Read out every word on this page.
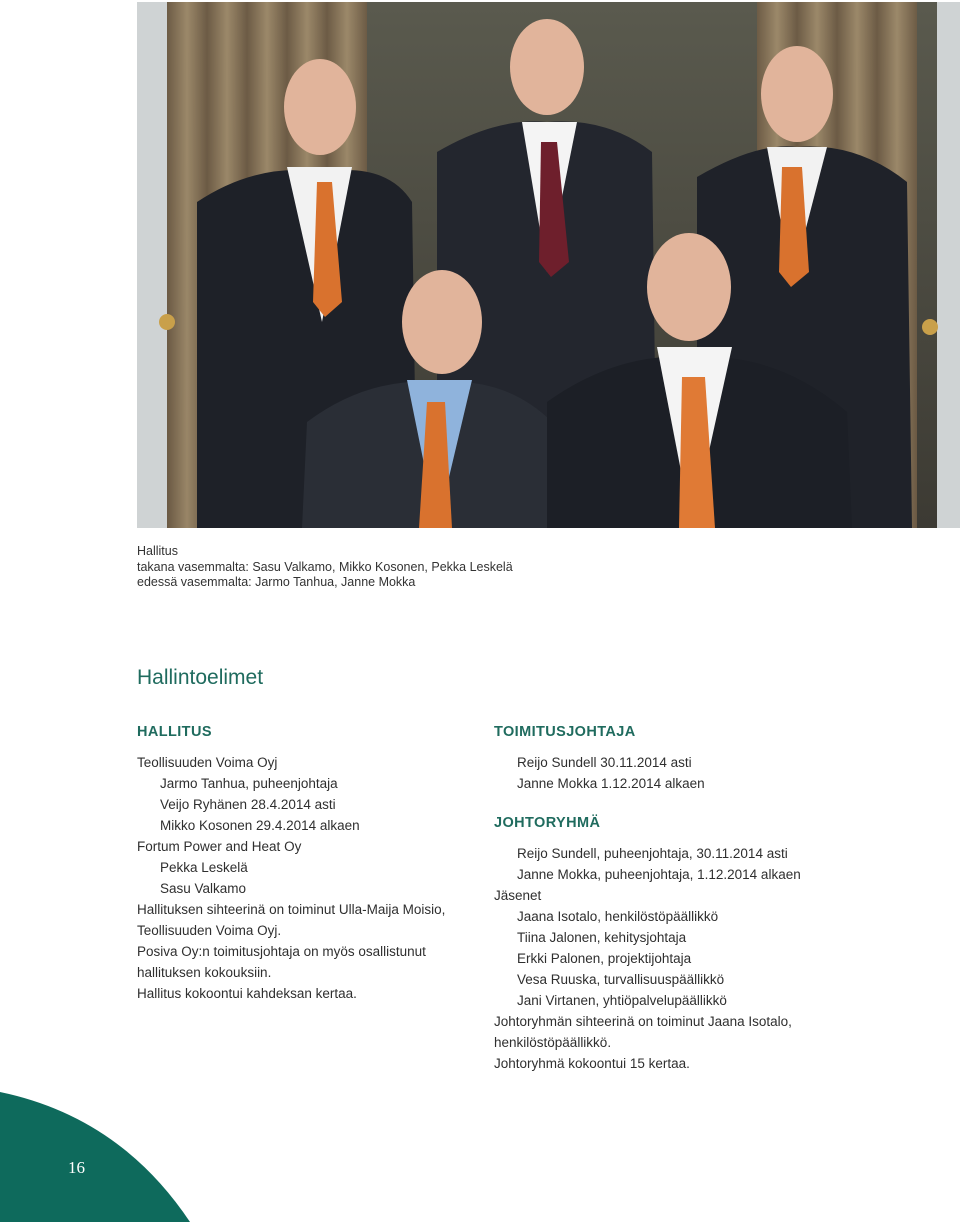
Hallitus
takana vasemmalta: Sasu Valkamo, Mikko Kosonen, Pekka Leskelä
edessä vasemmalta: Jarmo Tanhua, Janne Mokka
Hallintoelimet
HALLITUS
Teollisuuden Voima Oyj
Jarmo Tanhua, puheenjohtaja
Veijo Ryhänen 28.4.2014 asti
Mikko Kosonen 29.4.2014 alkaen
Fortum Power and Heat Oy
Pekka Leskelä
Sasu Valkamo
Hallituksen sihteerinä on toiminut Ulla-Maija Moisio,
Teollisuuden Voima Oyj.
Posiva Oy:n toimitusjohtaja on myös osallistunut
hallituksen kokouksiin.
Hallitus kokoontui kahdeksan kertaa.
TOIMITUSJOHTAJA
Reijo Sundell 30.11.2014 asti
Janne Mokka 1.12.2014 alkaen
JOHTORYHMÄ
Reijo Sundell, puheenjohtaja, 30.11.2014 asti
Janne Mokka, puheenjohtaja, 1.12.2014 alkaen
Jäsenet
Jaana Isotalo, henkilöstöpäällikkö
Tiina Jalonen, kehitysjohtaja
Erkki Palonen, projektijohtaja
Vesa Ruuska, turvallisuuspäällikkö
Jani Virtanen, yhtiöpalvelupäällikkö
Johtoryhmän sihteerinä on toiminut Jaana Isotalo,
henkilöstöpäällikkö.
Johtoryhmä kokoontui 15 kertaa.
16
